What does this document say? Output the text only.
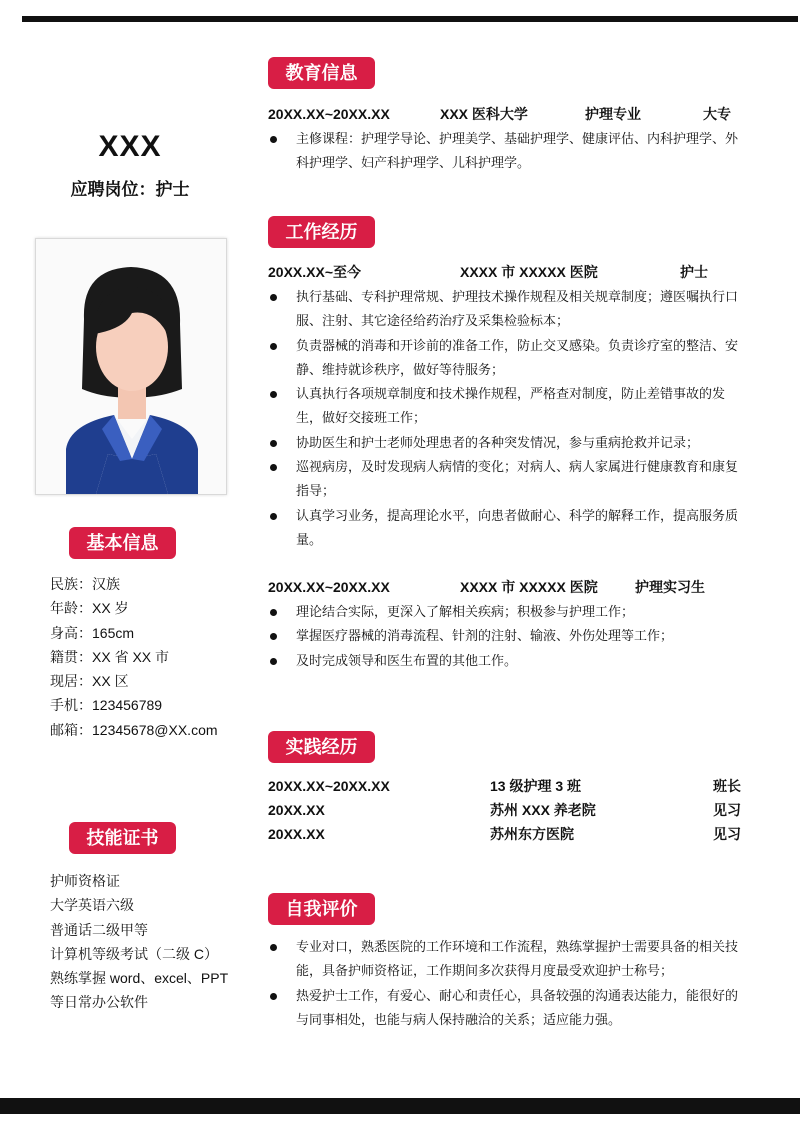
XXX
应聘岗位：护士
基本信息
民族：汉族
年龄：XX 岁
身高：165cm
籍贯：XX 省 XX 市
现居：XX 区
手机：123456789
邮箱：12345678@XX.com
技能证书
护师资格证
大学英语六级
普通话二级甲等
计算机等级考试（二级 C）
熟练掌握 word、excel、PPT
等日常办公软件
教育信息
20XX.XX~20XX.XX	XXX 医科大学	护理专业	大专
主修课程：护理学导论、护理美学、基础护理学、健康评估、内科护理学、外科护理学、妇产科护理学、儿科护理学。
工作经历
20XX.XX~至今	XXXX 市 XXXXX 医院	护士
执行基础、专科护理常规、护理技术操作规程及相关规章制度；遵医嘱执行口服、注射、其它途径给药治疗及采集检验标本；
负责器械的消毒和开诊前的准备工作，防止交叉感染。负责诊疗室的整洁、安静、维持就诊秩序，做好等待服务；
认真执行各项规章制度和技术操作规程，严格查对制度，防止差错事故的发生，做好交接班工作；
协助医生和护士老师处理患者的各种突发情况，参与重病抢救并记录；
巡视病房，及时发现病人病情的变化；对病人、病人家属进行健康教育和康复指导；
认真学习业务，提高理论水平，向患者做耐心、科学的解释工作，提高服务质量。
20XX.XX~20XX.XX	XXXX 市 XXXXX 医院	护理实习生
理论结合实际，更深入了解相关疾病；积极参与护理工作；
掌握医疗器械的消毒流程、针剂的注射、输液、外伤处理等工作；
及时完成领导和医生布置的其他工作。
实践经历
20XX.XX~20XX.XX	13 级护理 3 班	班长
20XX.XX	苏州 XXX 养老院	见习
20XX.XX	苏州东方医院	见习
自我评价
专业对口，熟悉医院的工作环境和工作流程，熟练掌握护士需要具备的相关技能，具备护师资格证，工作期间多次获得月度最受欢迎护士称号；
热爱护士工作，有爱心、耐心和责任心，具备较强的沟通表达能力，能很好的与同事相处，也能与病人保持融洽的关系；适应能力强。
